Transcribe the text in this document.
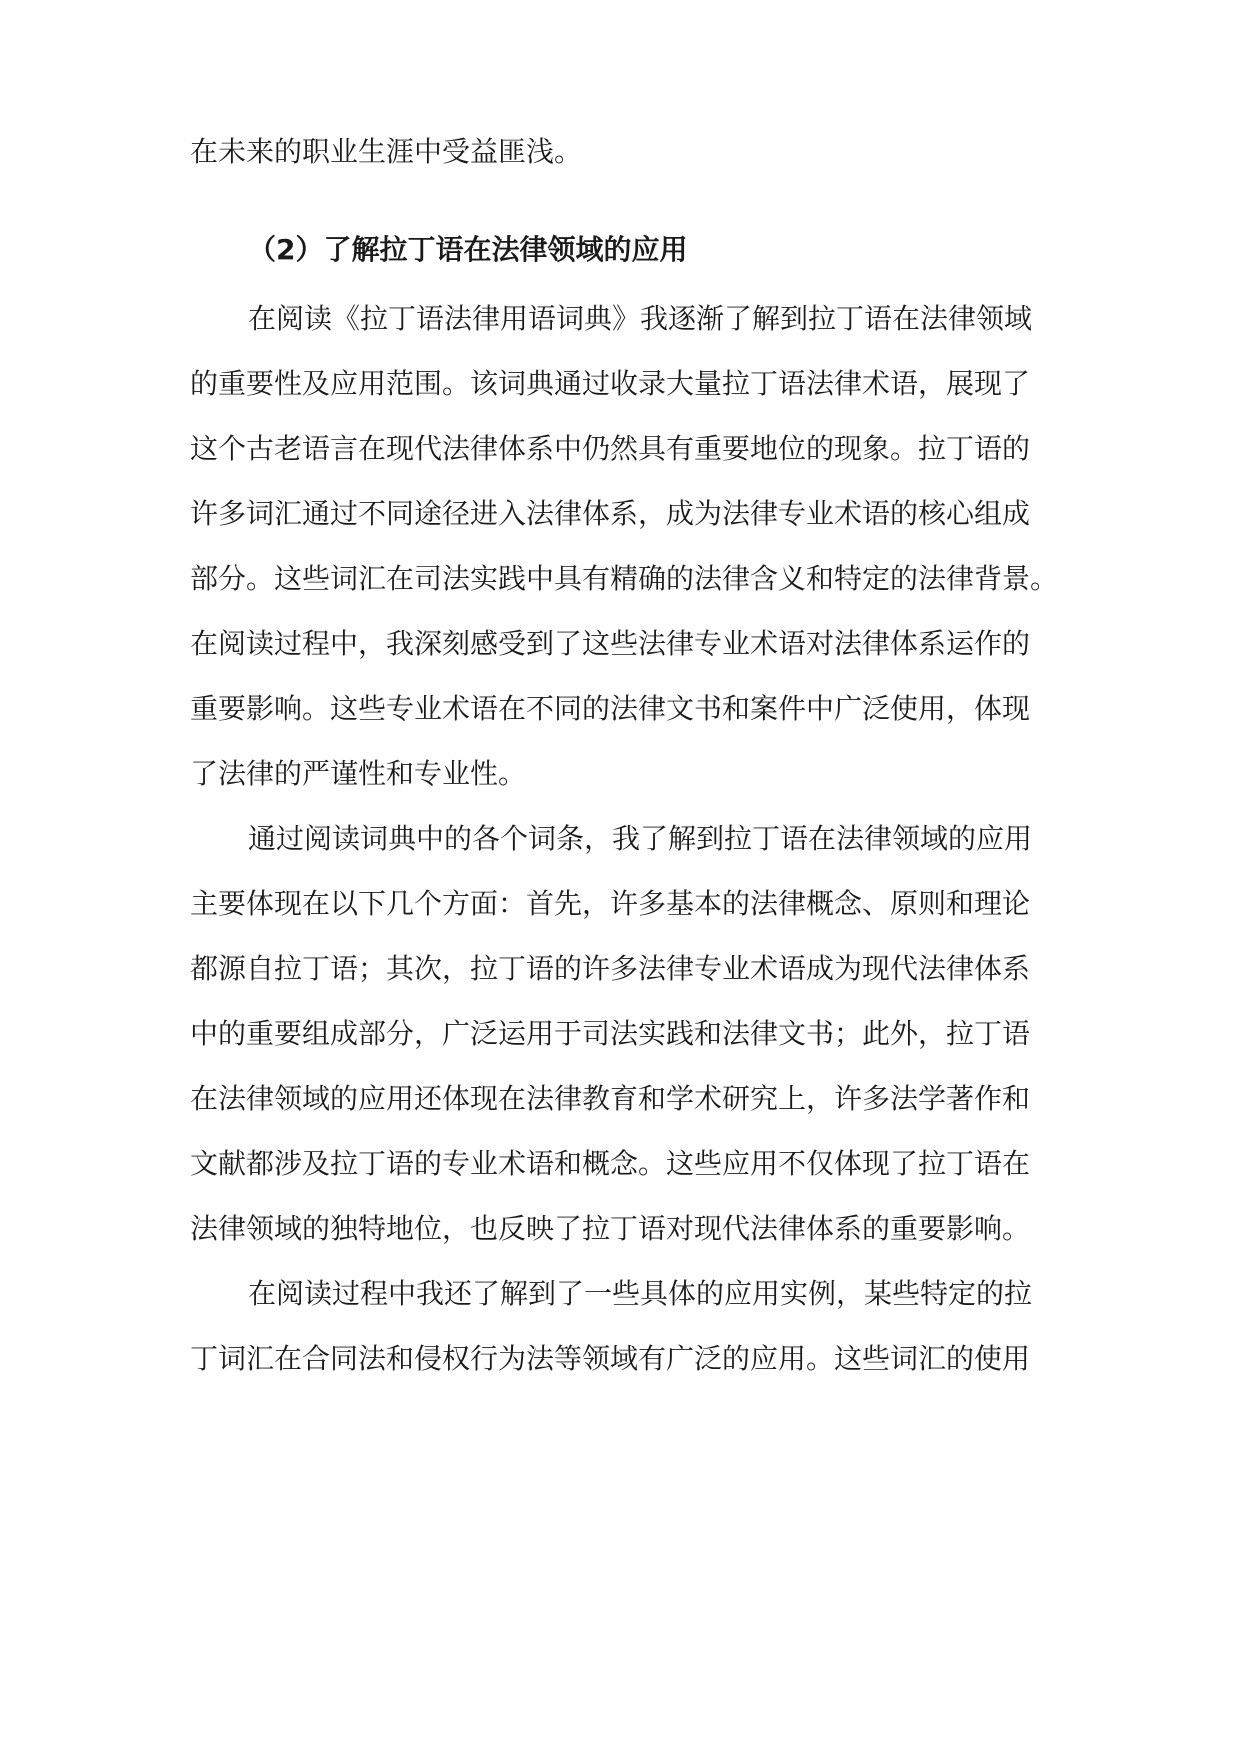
在未来的职业生涯中受益匪浅。
（2）了解拉丁语在法律领域的应用
在阅读《拉丁语法律用语词典》我逐渐了解到拉丁语在法律领域
的重要性及应用范围。该词典通过收录大量拉丁语法律术语，展现了
这个古老语言在现代法律体系中仍然具有重要地位的现象。拉丁语的
许多词汇通过不同途径进入法律体系，成为法律专业术语的核心组成
部分。这些词汇在司法实践中具有精确的法律含义和特定的法律背景。
在阅读过程中，我深刻感受到了这些法律专业术语对法律体系运作的
重要影响。这些专业术语在不同的法律文书和案件中广泛使用，体现
了法律的严谨性和专业性。
通过阅读词典中的各个词条，我了解到拉丁语在法律领域的应用
主要体现在以下几个方面：首先，许多基本的法律概念、原则和理论
都源自拉丁语；其次，拉丁语的许多法律专业术语成为现代法律体系
中的重要组成部分，广泛运用于司法实践和法律文书；此外，拉丁语
在法律领域的应用还体现在法律教育和学术研究上，许多法学著作和
文献都涉及拉丁语的专业术语和概念。这些应用不仅体现了拉丁语在
法律领域的独特地位，也反映了拉丁语对现代法律体系的重要影响。
在阅读过程中我还了解到了一些具体的应用实例，某些特定的拉
丁词汇在合同法和侵权行为法等领域有广泛的应用。这些词汇的使用
